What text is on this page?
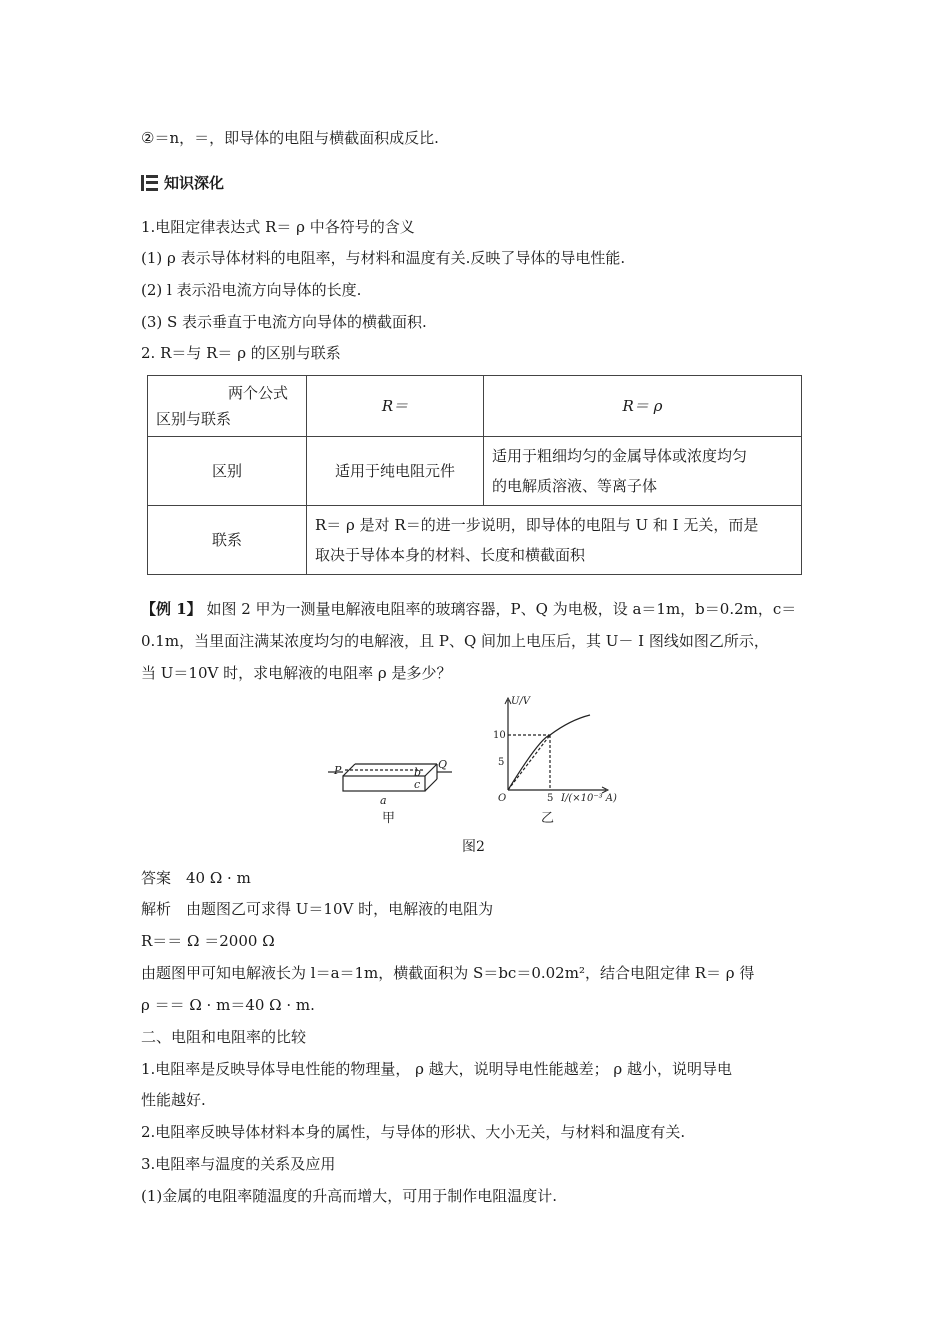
②＝n，＝，即导体的电阻与横截面积成反比.
知识深化
1.电阻定律表达式 R＝ ρ 中各符号的含义
(1) ρ 表示导体材料的电阻率，与材料和温度有关.反映了导体的导电性能.
(2) l 表示沿电流方向导体的长度.
(3) S 表示垂直于电流方向导体的横截面积.
2. R＝与 R＝ ρ 的区别与联系
两个公式
区别与联系	R＝	R＝ ρ
区别	适用于纯电阻元件	适用于粗细均匀的金属导体或浓度均匀
的电解质溶液、等离子体

联系	R＝ ρ 是对 R＝的进一步说明，即导体的电阻与 U 和 I 无关，而是
取决于导体本身的材料、长度和横截面积	
【例 1】 如图 2 甲为一测量电解液电阻率的玻璃容器，P、Q 为电极，设 a＝1m，b＝0.2m，c＝
0.1m，当里面注满某浓度均匀的电解液，且 P、Q 间加上电压后，其 U－ I 图线如图乙所示，
当 U＝10V 时，求电解液的电阻率 ρ 是多少？
P	Q
b
c
a
甲
U/V
10
5
O	5 I/(×10⁻³ A)
乙
图2
答案　40 Ω · m
解析　由题图乙可求得 U＝10V 时，电解液的电阻为
R＝＝ Ω ＝2000 Ω
由题图甲可知电解液长为 l＝a＝1m，横截面积为 S＝bc＝0.02m²，结合电阻定律 R＝ ρ 得
ρ ＝＝ Ω · m＝40 Ω · m.
二、电阻和电阻率的比较
1.电阻率是反映导体导电性能的物理量， ρ 越大，说明导电性能越差； ρ 越小，说明导电
性能越好.
2.电阻率反映导体材料本身的属性，与导体的形状、大小无关，与材料和温度有关.
3.电阻率与温度的关系及应用
(1)金属的电阻率随温度的升高而增大，可用于制作电阻温度计.
